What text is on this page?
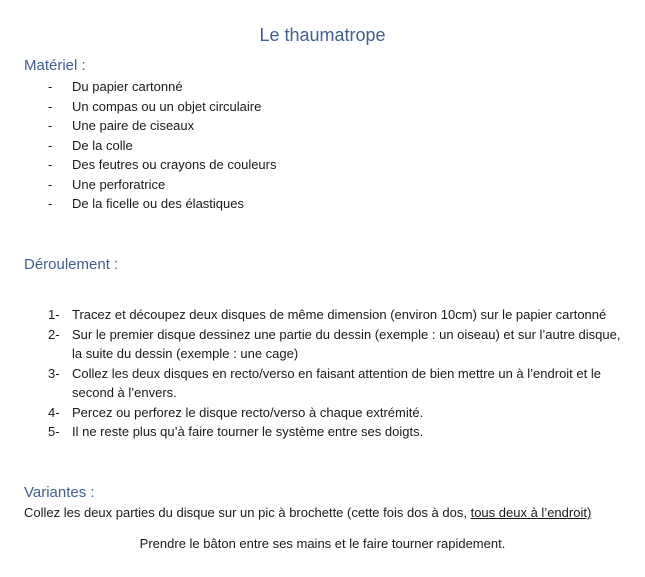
Le thaumatrope
Matériel :
- Du papier cartonné
- Un compas ou un objet circulaire
- Une paire de ciseaux
- De la colle
- Des feutres ou crayons de couleurs
- Une perforatrice
- De la ficelle ou des élastiques
Déroulement :
1- Tracez et découpez deux disques de même dimension (environ 10cm) sur le papier cartonné
2- Sur le premier disque dessinez une partie du dessin (exemple : un oiseau) et sur l’autre disque, la suite du dessin (exemple : une cage)
3- Collez les deux disques en recto/verso en faisant attention de bien mettre un à l’endroit et le second à l’envers.
4- Percez ou perforez le disque recto/verso à chaque extrémité.
5- Il ne reste plus qu’à faire tourner le système entre ses doigts.
Variantes :

Collez les deux parties du disque sur un pic à brochette (cette fois dos à dos, tous deux à l’endroit)

Prendre le bâton entre ses mains et le faire tourner rapidement.
